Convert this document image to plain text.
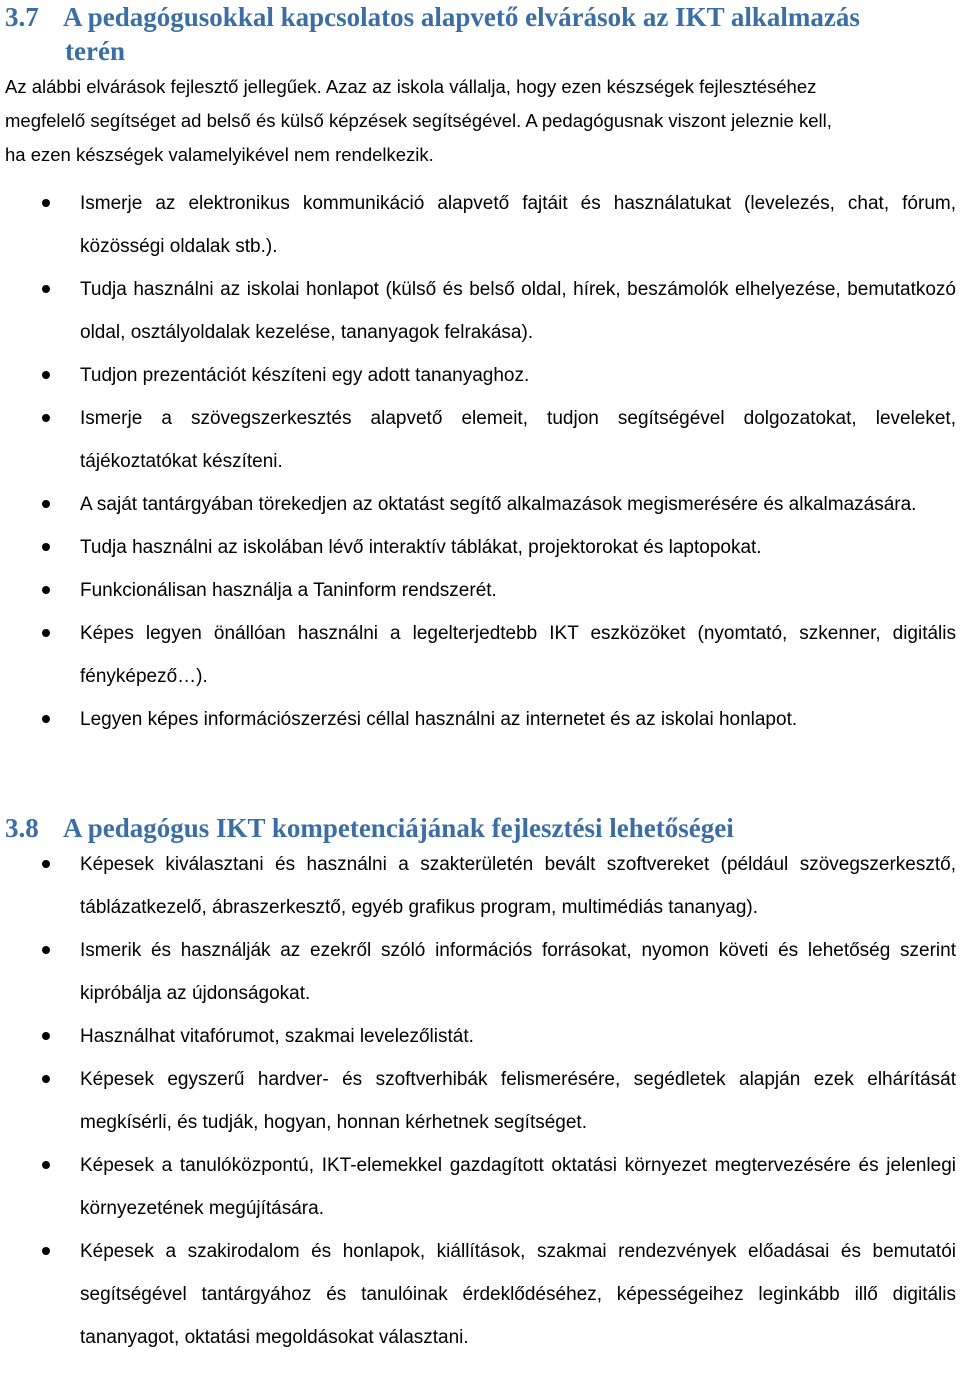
3.7 A pedagógusokkal kapcsolatos alapvető elvárások az IKT alkalmazás
terén
Az alábbi elvárások fejlesztő jellegűek. Azaz az iskola vállalja, hogy ezen készségek fejlesztéséhez
megfelelő segítséget ad belső és külső képzések segítségével. A pedagógusnak viszont jeleznie kell,
ha ezen készségek valamelyikével nem rendelkezik.
Ismerje az elektronikus kommunikáció alapvető fajtáit és használatukat (levelezés, chat, fórum, közösségi oldalak stb.).
Tudja használni az iskolai honlapot (külső és belső oldal, hírek, beszámolók elhelyezése, bemutatkozó oldal, osztályoldalak kezelése, tananyagok felrakása).
Tudjon prezentációt készíteni egy adott tananyaghoz.
Ismerje a szövegszerkesztés alapvető elemeit, tudjon segítségével dolgozatokat, leveleket, tájékoztatókat készíteni.
A saját tantárgyában törekedjen az oktatást segítő alkalmazások megismerésére és alkalmazására.
Tudja használni az iskolában lévő interaktív táblákat, projektorokat és laptopokat.
Funkcionálisan használja a Taninform rendszerét.
Képes legyen önállóan használni a legelterjedtebb IKT eszközöket (nyomtató, szkenner, digitális fényképező…).
Legyen képes információszerzési céllal használni az internetet és az iskolai honlapot.
3.8 A pedagógus IKT kompetenciájának fejlesztési lehetőségei
Képesek kiválasztani és használni a szakterületén bevált szoftvereket (például szövegszerkesztő, táblázatkezelő, ábraszerkesztő, egyéb grafikus program, multimédiás tananyag).
Ismerik és használják az ezekről szóló információs forrásokat, nyomon követi és lehetőség szerint kipróbálja az újdonságokat.
Használhat vitafórumot, szakmai levelezőlistát.
Képesek egyszerű hardver- és szoftverhibák felismerésére, segédletek alapján ezek elhárítását megkísérli, és tudják, hogyan, honnan kérhetnek segítséget.
Képesek a tanulóközpontú, IKT-elemekkel gazdagított oktatási környezet megtervezésére és jelenlegi környezetének megújítására.
Képesek a szakirodalom és honlapok, kiállítások, szakmai rendezvények előadásai és bemutatói segítségével tantárgyához és tanulóinak érdeklődéséhez, képességeihez leginkább illő digitális tananyagot, oktatási megoldásokat választani.
